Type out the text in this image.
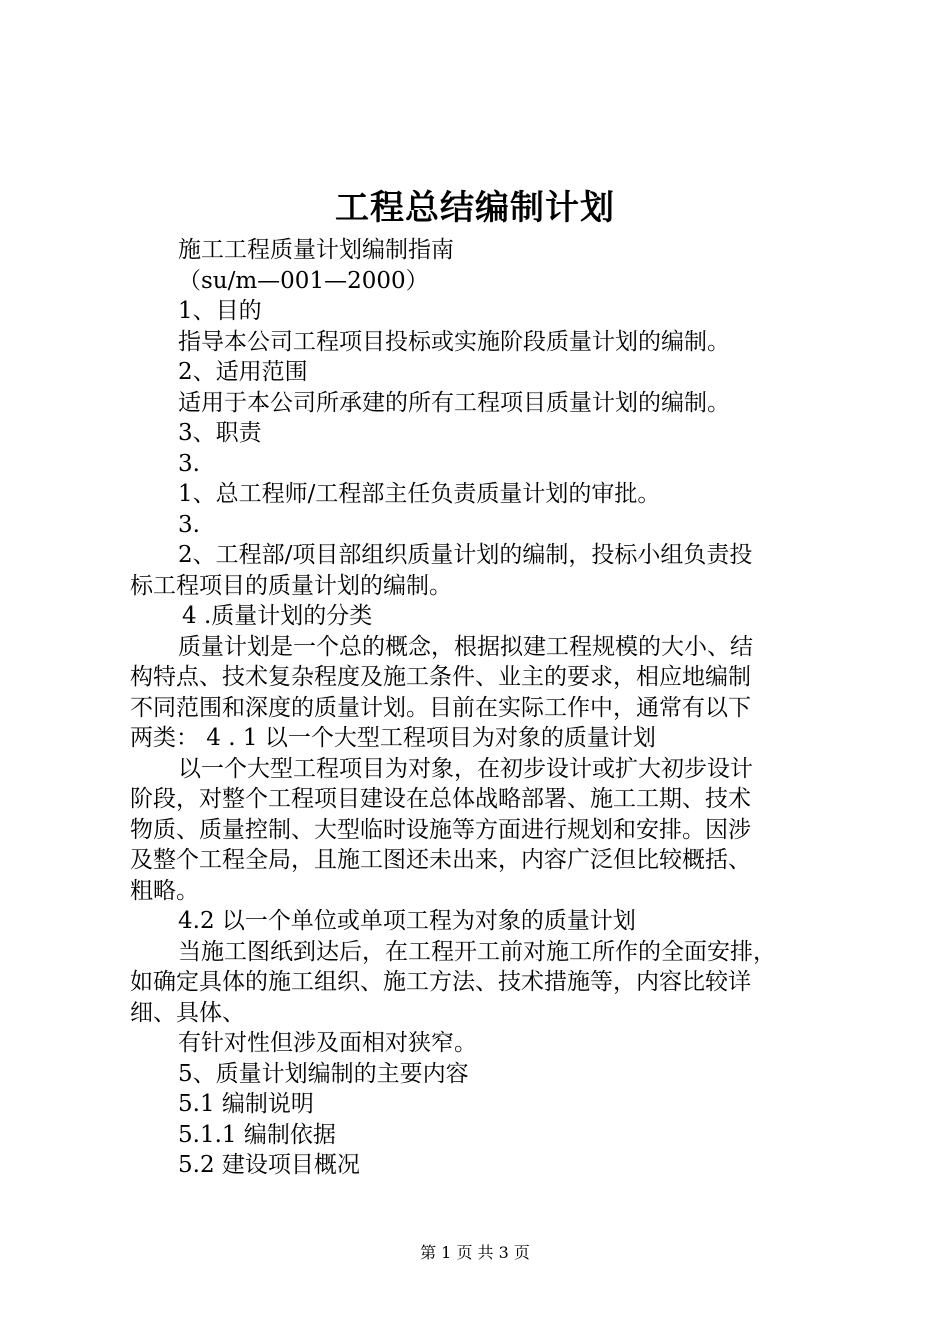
工程总结编制计划
施工工程质量计划编制指南
（su/m—001—2000）
1、目的
指导本公司工程项目投标或实施阶段质量计划的编制。
2、适用范围
适用于本公司所承建的所有工程项目质量计划的编制。
3、职责
3.
1、总工程师/工程部主任负责质量计划的审批。
3.
2、工程部/项目部组织质量计划的编制，投标小组负责投
标工程项目的质量计划的编制。
4 .质量计划的分类
质量计划是一个总的概念，根据拟建工程规模的大小、结
构特点、技术复杂程度及施工条件、业主的要求，相应地编制
不同范围和深度的质量计划。目前在实际工作中，通常有以下
两类： 4 . 1 以一个大型工程项目为对象的质量计划
以一个大型工程项目为对象，在初步设计或扩大初步设计
阶段，对整个工程项目建设在总体战略部署、施工工期、技术
物质、质量控制、大型临时设施等方面进行规划和安排。因涉
及整个工程全局，且施工图还未出来，内容广泛但比较概括、
粗略。
4.2 以一个单位或单项工程为对象的质量计划
当施工图纸到达后，在工程开工前对施工所作的全面安排，
如确定具体的施工组织、施工方法、技术措施等，内容比较详
细、具体、
有针对性但涉及面相对狭窄。
5、质量计划编制的主要内容
5.1 编制说明
5.1.1 编制依据
5.2 建设项目概况
第 1 页 共 3 页
